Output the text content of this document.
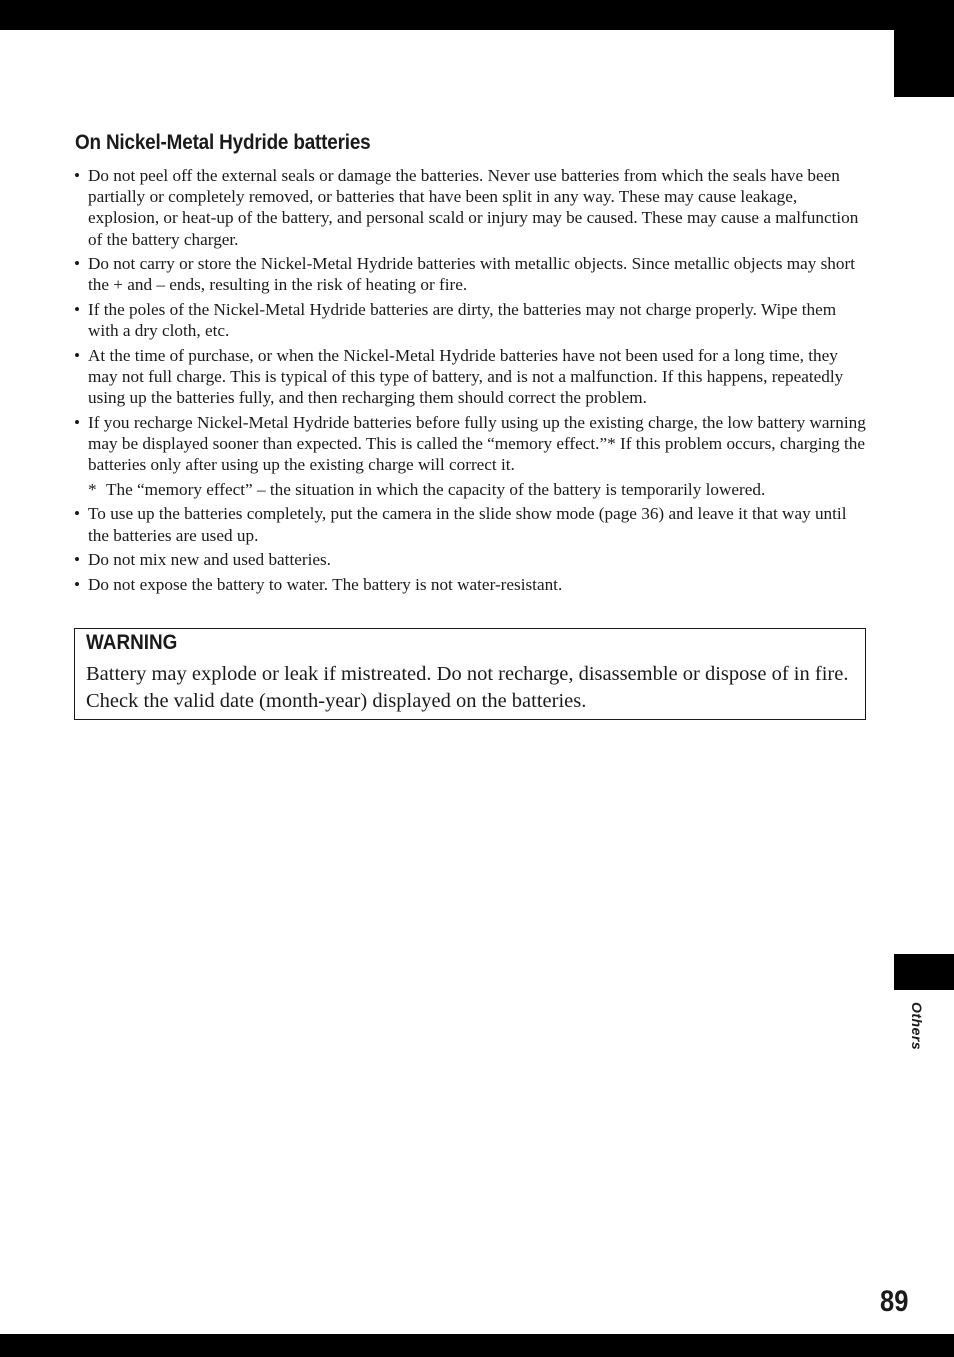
On Nickel-Metal Hydride batteries
• Do not peel off the external seals or damage the batteries. Never use batteries from which the seals have been partially or completely removed, or batteries that have been split in any way. These may cause leakage, explosion, or heat-up of the battery, and personal scald or injury may be caused. These may cause a malfunction of the battery charger.
• Do not carry or store the Nickel-Metal Hydride batteries with metallic objects. Since metallic objects may short the + and – ends, resulting in the risk of heating or fire.
• If the poles of the Nickel-Metal Hydride batteries are dirty, the batteries may not charge properly. Wipe them with a dry cloth, etc.
• At the time of purchase, or when the Nickel-Metal Hydride batteries have not been used for a long time, they may not full charge. This is typical of this type of battery, and is not a malfunction. If this happens, repeatedly using up the batteries fully, and then recharging them should correct the problem.
• If you recharge Nickel-Metal Hydride batteries before fully using up the existing charge, the low battery warning may be displayed sooner than expected. This is called the “memory effect.”* If this problem occurs, charging the batteries only after using up the existing charge will correct it.
* The “memory effect” – the situation in which the capacity of the battery is temporarily lowered.
• To use up the batteries completely, put the camera in the slide show mode (page 36) and leave it that way until the batteries are used up.
• Do not mix new and used batteries.
• Do not expose the battery to water. The battery is not water-resistant.
WARNING

Battery may explode or leak if mistreated. Do not recharge, disassemble or dispose of in fire. Check the valid date (month-year) displayed on the batteries.

Others
89
